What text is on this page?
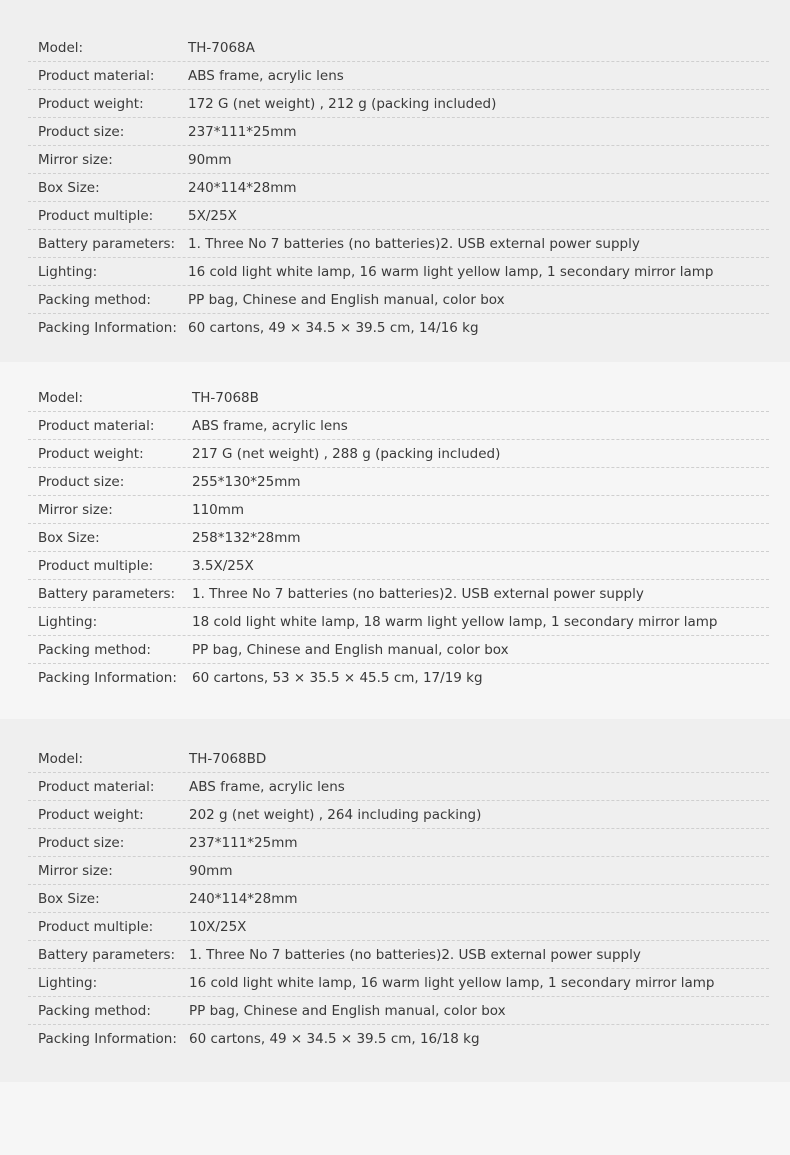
Model:	TH-7068A
Product material:	ABS frame, acrylic lens
Product weight:	172 G (net weight) , 212 g (packing included)
Product size:	237*111*25mm
Mirror size:	90mm
Box Size:	240*114*28mm
Product multiple:	5X/25X
Battery parameters: 1. Three No 7 batteries (no batteries)2. USB external power supply
Lighting:	16 cold light white lamp, 16 warm light yellow lamp, 1 secondary mirror lamp
Packing method:	PP bag, Chinese and English manual, color box
Packing Information: 60 cartons, 49 × 34.5 × 39.5 cm, 14/16 kg
Model:	TH-7068B
Product material:	ABS frame, acrylic lens
Product weight:	217 G (net weight) , 288 g (packing included)
Product size:	255*130*25mm
Mirror size:	110mm
Box Size:	258*132*28mm
Product multiple:	3.5X/25X
Battery parameters:	1. Three No 7 batteries (no batteries)2. USB external power supply
Lighting:	18 cold light white lamp, 18 warm light yellow lamp, 1 secondary mirror lamp
Packing method:	PP bag, Chinese and English manual, color box
Packing Information:	60 cartons, 53 × 35.5 × 45.5 cm, 17/19 kg
Model:	TH-7068BD
Product material:	ABS frame, acrylic lens
Product weight:	202 g (net weight) , 264 including packing)
Product size:	237*111*25mm
Mirror size:	90mm
Box Size:	240*114*28mm
Product multiple:	10X/25X
Battery parameters:	1. Three No 7 batteries (no batteries)2. USB external power supply
Lighting:	16 cold light white lamp, 16 warm light yellow lamp, 1 secondary mirror lamp
Packing method:	PP bag, Chinese and English manual, color box
Packing Information: 60 cartons, 49 × 34.5 × 39.5 cm, 16/18 kg
